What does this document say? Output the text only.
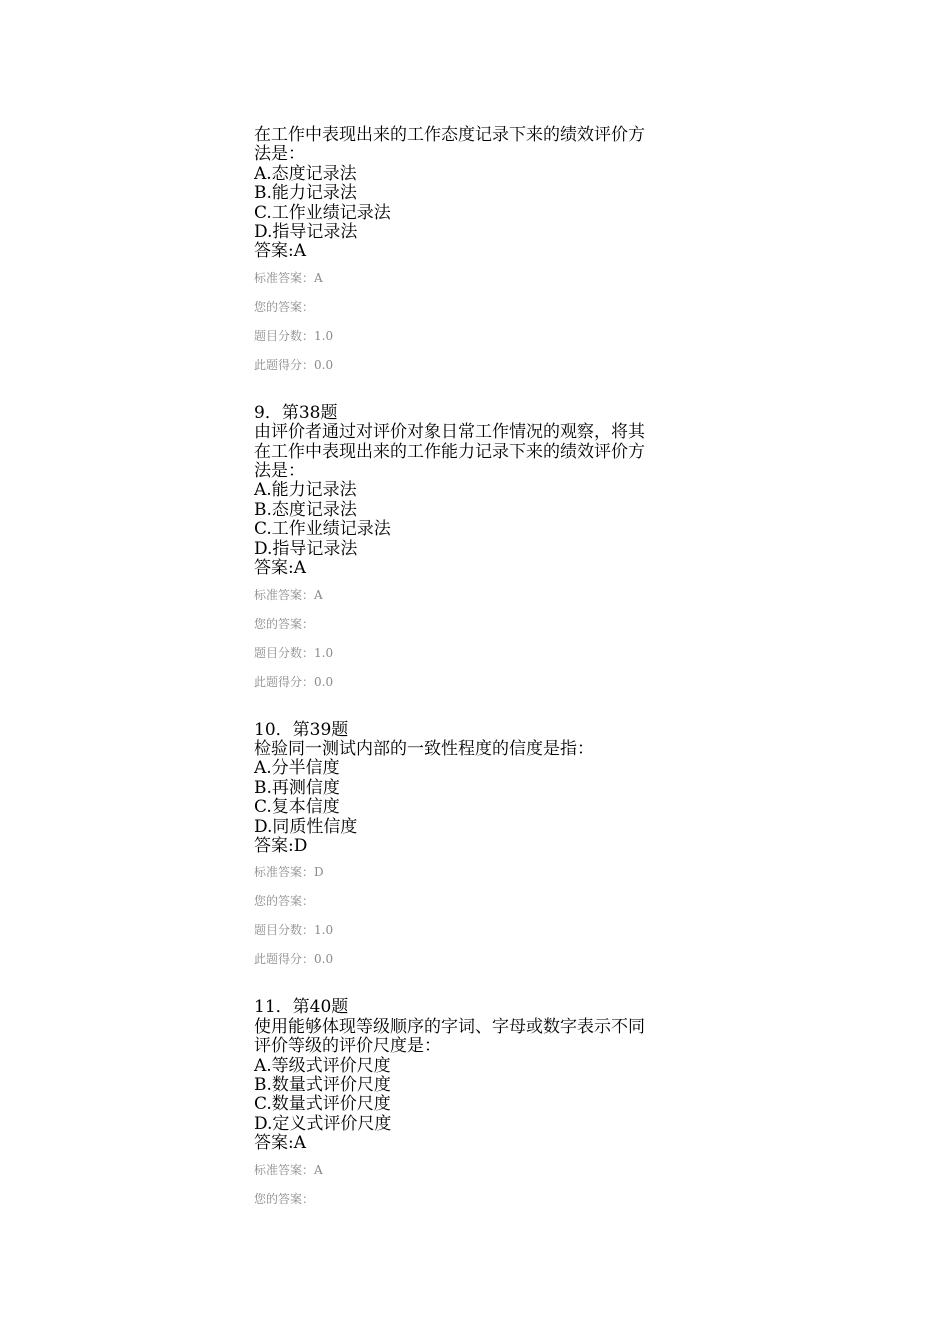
在工作中表现出来的工作态度记录下来的绩效评价方
法是：
A.态度记录法
B.能力记录法
C.工作业绩记录法
D.指导记录法
答案:A
标准答案：A
您的答案：
题目分数：1.0
此题得分：0.0
9．第38题
由评价者通过对评价对象日常工作情况的观察，将其
在工作中表现出来的工作能力记录下来的绩效评价方
法是：
A.能力记录法
B.态度记录法
C.工作业绩记录法
D.指导记录法
答案:A
标准答案：A
您的答案：
题目分数：1.0
此题得分：0.0
10．第39题
检验同一测试内部的一致性程度的信度是指：
A.分半信度
B.再测信度
C.复本信度
D.同质性信度
答案:D
标准答案：D
您的答案：
题目分数：1.0
此题得分：0.0
11．第40题
使用能够体现等级顺序的字词、字母或数字表示不同
评价等级的评价尺度是：
A.等级式评价尺度
B.数量式评价尺度
C.数量式评价尺度
D.定义式评价尺度
答案:A
标准答案：A
您的答案：
